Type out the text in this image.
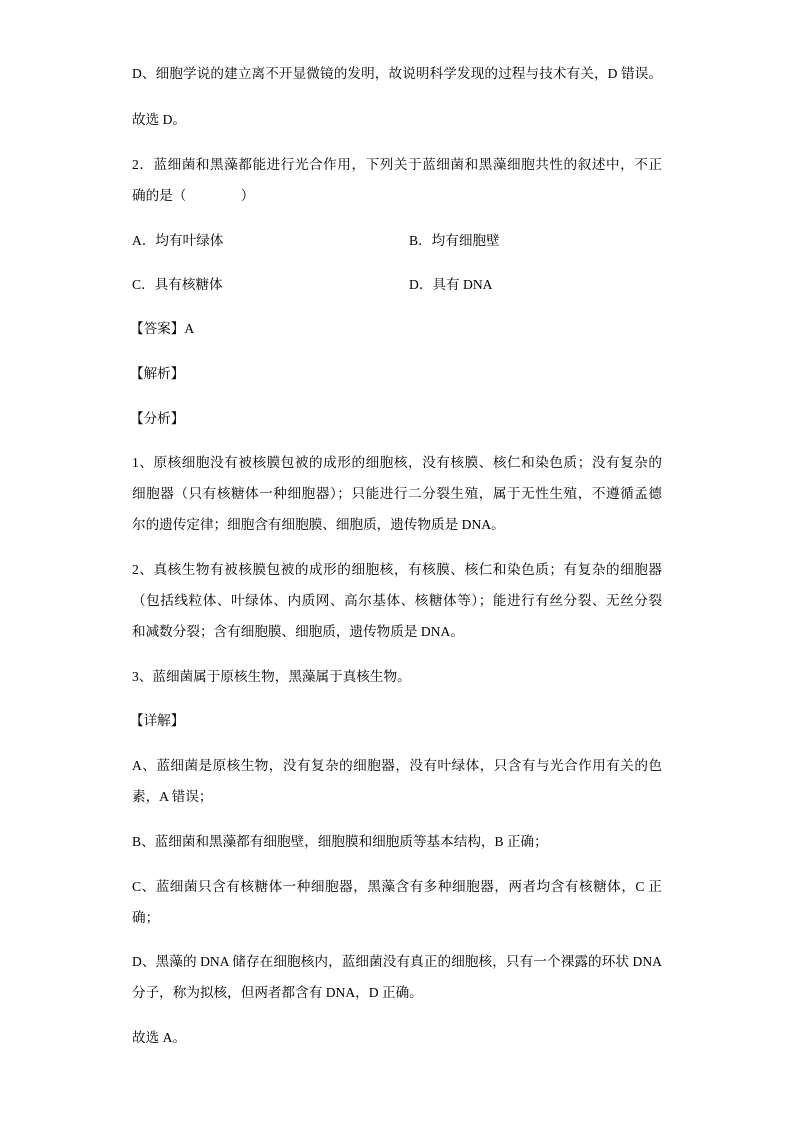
D、细胞学说的建立离不开显微镜的发明，故说明科学发现的过程与技术有关，D 错误。
故选 D。
2．蓝细菌和黑藻都能进行光合作用，下列关于蓝细菌和黑藻细胞共性的叙述中，不正
确的是（　　　　）
A．均有叶绿体	B．均有细胞壁
C．具有核糖体	D．具有 DNA
【答案】A
【解析】
【分析】
1、原核细胞没有被核膜包被的成形的细胞核，没有核膜、核仁和染色质；没有复杂的
细胞器（只有核糖体一种细胞器）；只能进行二分裂生殖，属于无性生殖，不遵循孟德
尔的遗传定律；细胞含有细胞膜、细胞质，遗传物质是 DNA。
2、真核生物有被核膜包被的成形的细胞核，有核膜、核仁和染色质；有复杂的细胞器
（包括线粒体、叶绿体、内质网、高尔基体、核糖体等）；能进行有丝分裂、无丝分裂
和减数分裂；含有细胞膜、细胞质，遗传物质是 DNA。
3、蓝细菌属于原核生物，黑藻属于真核生物。
【详解】
A、蓝细菌是原核生物，没有复杂的细胞器，没有叶绿体，只含有与光合作用有关的色
素，A 错误；
B、蓝细菌和黑藻都有细胞壁，细胞膜和细胞质等基本结构，B 正确；
C、蓝细菌只含有核糖体一种细胞器，黑藻含有多种细胞器，两者均含有核糖体，C 正
确；
D、黑藻的 DNA 储存在细胞核内，蓝细菌没有真正的细胞核，只有一个裸露的环状 DNA
分子，称为拟核，但两者都含有 DNA，D 正确。
故选 A。
